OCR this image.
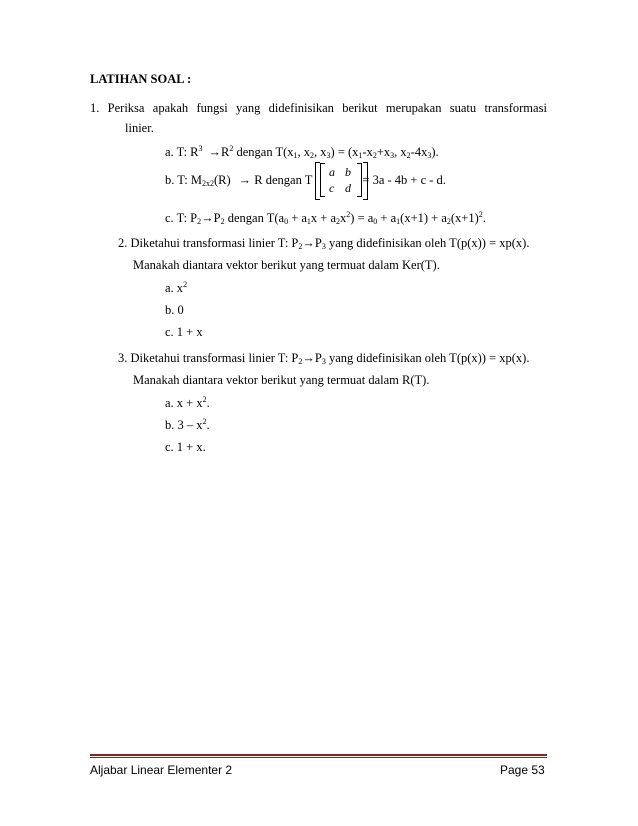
LATIHAN SOAL :
1. Periksa apakah fungsi yang didefinisikan berikut merupakan suatu transformasi
linier.
a. T: $R^3 \to R^2$ dengan $T(x_1$, $x_2$, $x_3) = (x_1-x_2+x_3$, $x_2-4x_3$).
b. T: $M_{2x2}(R) \to R$ dengan T	= 3a - 4b + c - d.
a b
c d
c. T: $P_2\to P_2$ dengan $T(a_0 + a_1x + a_2x^2) = a_0 + a_1(x+1) + a_2(x+1)^2$.
2. Diketahui transformasi linier T: $P_2\to P_3$ yang didefinisikan oleh T(p(x)) = xp(x).
Manakah diantara vektor berikut yang termuat dalam Ker(T).
a. $x^2$
b. 0
c. 1 + x
3. Diketahui transformasi linier T: $P_2\to P_3$ yang didefinisikan oleh T(p(x)) = xp(x).
Manakah diantara vektor berikut yang termuat dalam R(T).
a. $x + x^2$.
b. $3 - x^2$.
c. 1 + x.
Aljabar Linear Elementer 2	Page 53
